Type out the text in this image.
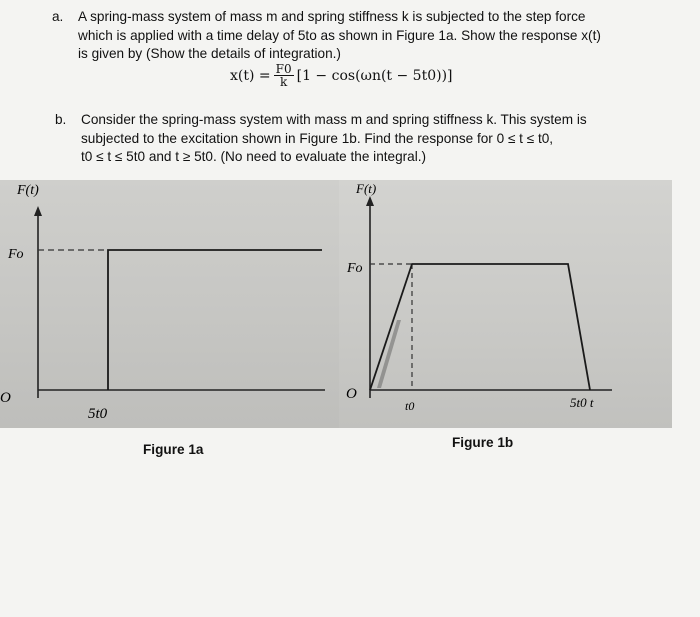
a. A spring-mass system of mass m and spring stiffness k is subjected to the step force
which is applied with a time delay of 5to as shown in Figure 1a. Show the response x(t)
is given by (Show the details of integration.)
$x(t) = \frac{F0}{k} [1 - \cos(\omega n(t - 5t0))]$
b. Consider the spring-mass system with mass m and spring stiffness k. This system is
subjected to the excitation shown in Figure 1b. Find the response for 0 ≤ t ≤ t0,
t0 ≤ t ≤ 5t0 and t ≥ 5t0. (No need to evaluate the integral.)
F(t)
Fo
O
5t0
F(t)
Fo
O
t0	5t0 t
Figure 1a	Figure 1b
